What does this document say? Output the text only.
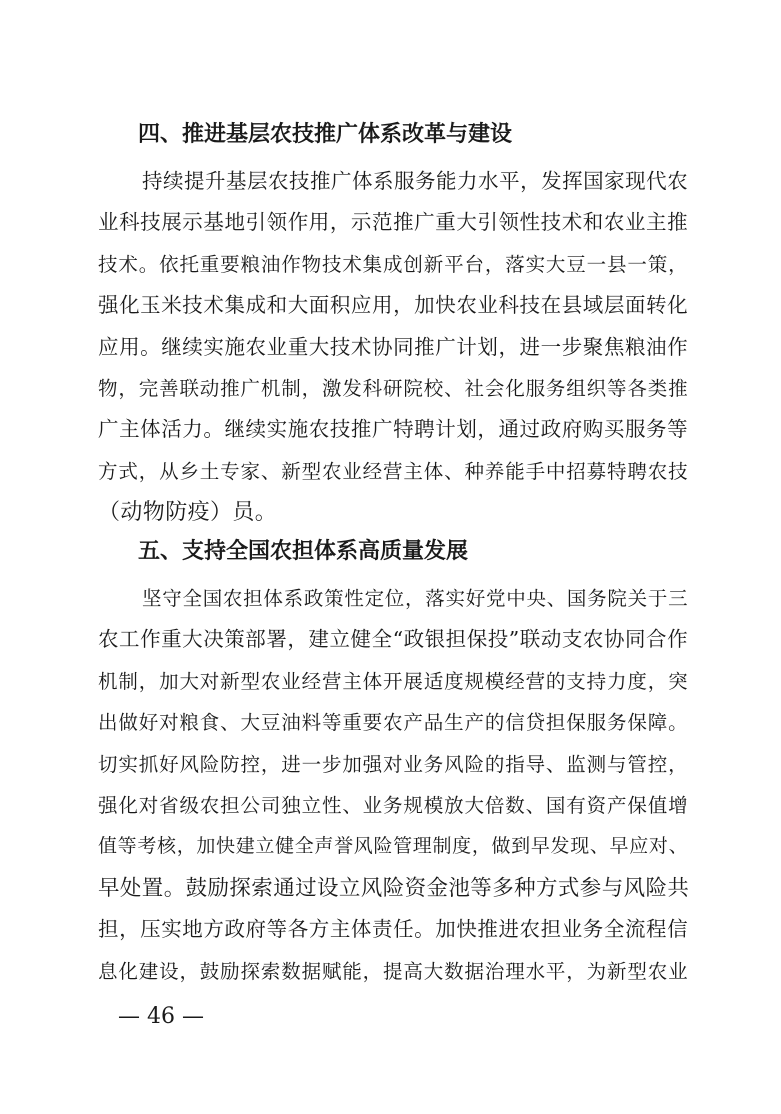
四、推进基层农技推广体系改革与建设
持续提升基层农技推广体系服务能力水平，发挥国家现代农
业科技展示基地引领作用，示范推广重大引领性技术和农业主推
技术。依托重要粮油作物技术集成创新平台，落实大豆一县一策，
强化玉米技术集成和大面积应用，加快农业科技在县域层面转化
应用。继续实施农业重大技术协同推广计划，进一步聚焦粮油作
物，完善联动推广机制，激发科研院校、社会化服务组织等各类推
广主体活力。继续实施农技推广特聘计划，通过政府购买服务等
方式，从乡土专家、新型农业经营主体、种养能手中招募特聘农技
（动物防疫）员。
五、支持全国农担体系高质量发展
坚守全国农担体系政策性定位，落实好党中央、国务院关于三
农工作重大决策部署，建立健全“政银担保投”联动支农协同合作
机制，加大对新型农业经营主体开展适度规模经营的支持力度，突
出做好对粮食、大豆油料等重要农产品生产的信贷担保服务保障。
切实抓好风险防控，进一步加强对业务风险的指导、监测与管控，
强化对省级农担公司独立性、业务规模放大倍数、国有资产保值增
值等考核，加快建立健全声誉风险管理制度，做到早发现、早应对、
早处置。鼓励探索通过设立风险资金池等多种方式参与风险共
担，压实地方政府等各方主体责任。加快推进农担业务全流程信
息化建设，鼓励探索数据赋能，提高大数据治理水平，为新型农业
— 46 —
